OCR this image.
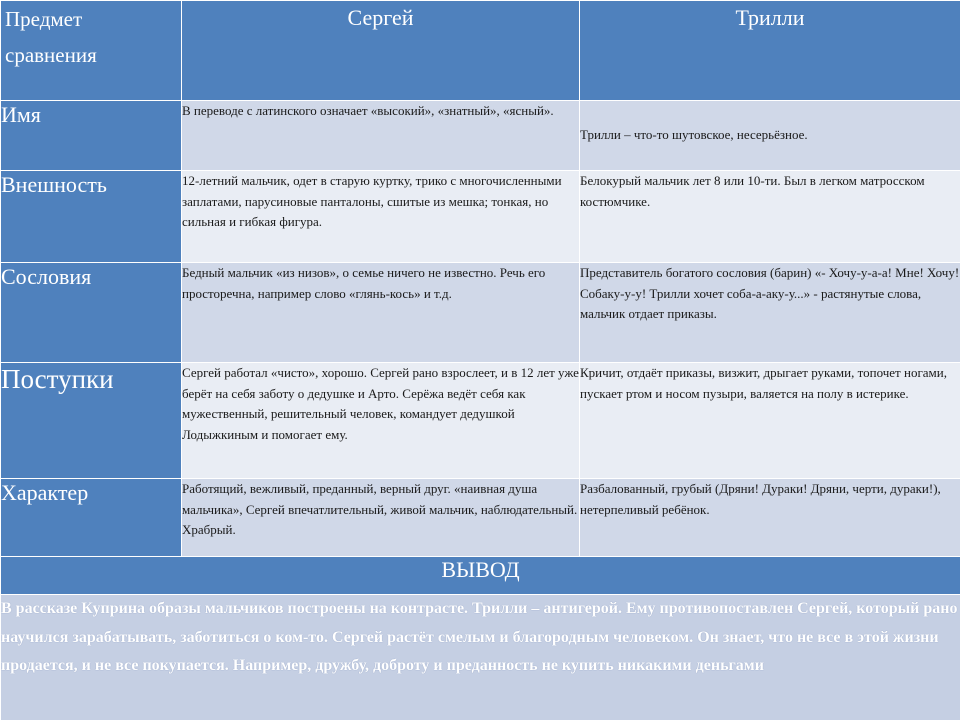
Предмет сравнения	Сергей	Трилли
Имя	В переводе с латинского означает «высокий», «знатный», «ясный».	Трилли – что-то шутовское, несерьёзное.
Внешность	12-летний мальчик, одет в старую куртку, трико с многочисленными заплатами, парусиновые панталоны, сшитые из мешка; тонкая, но сильная и гибкая фигура.	Белокурый мальчик лет 8 или 10-ти. Был в легком матросском костюмчике.
Сословия	Бедный мальчик «из низов», о семье ничего не известно. Речь его просторечна, например слово «глянь-кось» и т.д.	Представитель богатого сословия (барин) «- Хочу-у-а-а! Мне! Хочу! Собаку-у-у! Трилли хочет соба-а-аку-у...» - растянутые слова, мальчик отдает приказы.
Поступки	Сергей работал «чисто», хорошо. Сергей рано взрослеет, и в 12 лет уже берёт на себя заботу о дедушке и Арто. Серёжа ведёт себя как мужественный, решительный человек, командует дедушкой Лодыжкиным и помогает ему.	Кричит, отдаёт приказы, визжит, дрыгает руками, топочет ногами, пускает ртом и носом пузыри, валяется на полу в истерике.
Характер	Работящий, вежливый, преданный, верный друг. «наивная душа мальчика», Сергей впечатлительный, живой мальчик, наблюдательный. Храбрый.	Разбалованный, грубый (Дряни! Дураки! Дряни, черти, дураки!), нетерпеливый ребёнок.
ВЫВОД		
В рассказе Куприна образы мальчиков построены на контрасте. Трилли – антигерой. Ему противопоставлен Сергей, который рано научился зарабатывать, заботиться о ком-то. Сергей растёт смелым и благородным человеком. Он знает, что не все в этой жизни продается, и не все покупается. Например, дружбу, доброту и преданность не купить никакими деньгами		
